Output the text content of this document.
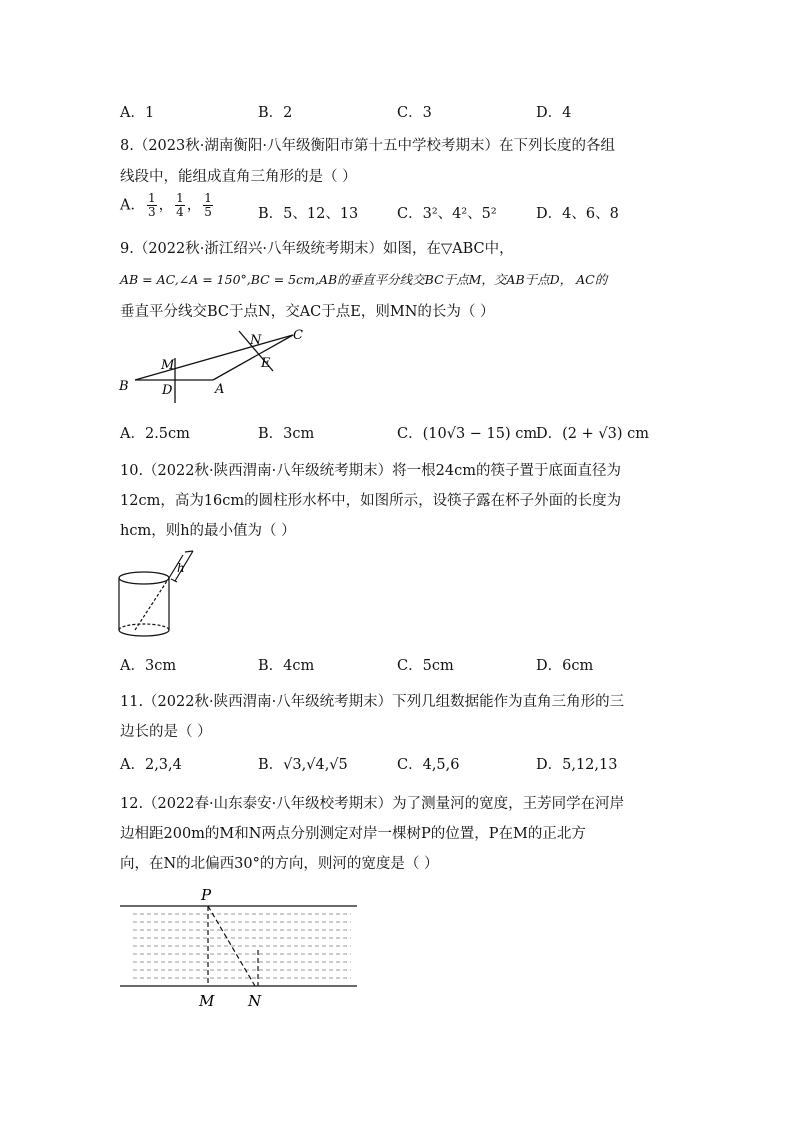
A．1	B．2	C．3	D．4
8.（2023秋·湖南衡阳·八年级衡阳市第十五中学校考期末）在下列长度的各组
线段中，能组成直角三角形的是（ ）
A． $\frac{1}{3}$ ， $\frac{1}{4}$ ， $\frac{1}{5}$	B．5、12、13	C．3²、4²、5²	D．4、6、8
9.（2022秋·浙江绍兴·八年级统考期末）如图，在▽ABC中，
AB = AC,∠A = 150°,BC = 5cm,AB的垂直平分线交BC于点M，交AB于点D， AC的
垂直平分线交BC于点N，交AC于点E，则MN的长为（ ）
B
M
D	A
N
E
C
A．2.5cm	B．3cm	C．(10√3 − 15) cm
D．(2 + √3) cm
10.（2022秋·陕西渭南·八年级统考期末）将一根24cm的筷子置于底面直径为
12cm，高为16cm的圆柱形水杯中，如图所示，设筷子露在杯子外面的长度为
hcm，则h的最小值为（ ）
h
A．3cm	B．4cm	C．5cm	D．6cm
11.（2022秋·陕西渭南·八年级统考期末）下列几组数据能作为直角三角形的三
边长的是（ ）
A．2,3,4	B．√3,√4,√5	C．4,5,6	D．5,12,13
12.（2022春·山东泰安·八年级校考期末）为了测量河的宽度，王芳同学在河岸
边相距200m的M和N两点分别测定对岸一棵树P的位置，P在M的正北方
向，在N的北偏西30°的方向，则河的宽度是（ ）
P
M N
